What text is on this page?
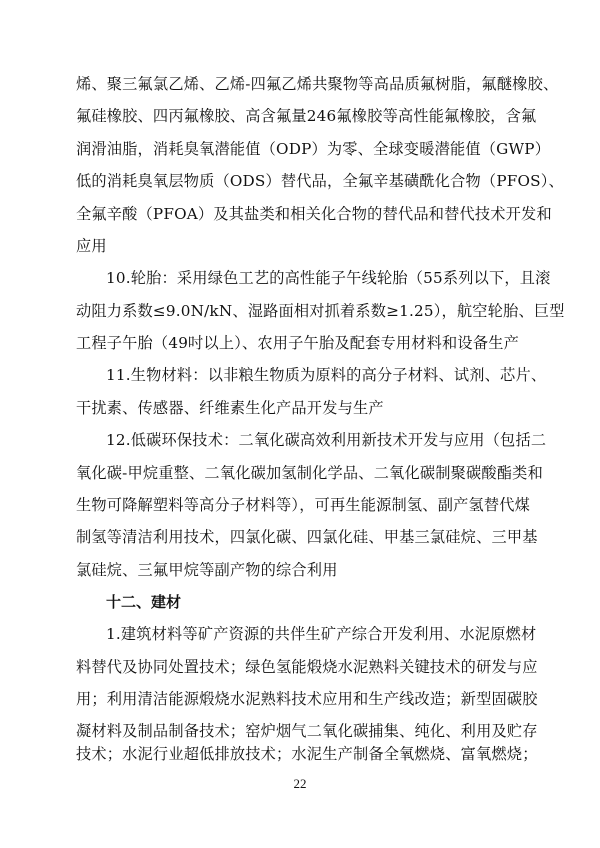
烯、聚三氟氯乙烯、乙烯-四氟乙烯共聚物等高品质氟树脂，氟醚橡胶、
氟硅橡胶、四丙氟橡胶、高含氟量246氟橡胶等高性能氟橡胶，含氟
润滑油脂，消耗臭氧潜能值（ODP）为零、全球变暖潜能值（GWP）
低的消耗臭氧层物质（ODS）替代品，全氟辛基磺酰化合物（PFOS）、
全氟辛酸（PFOA）及其盐类和相关化合物的替代品和替代技术开发和
应用
10.轮胎：采用绿色工艺的高性能子午线轮胎（55系列以下，且滚
动阻力系数≤9.0N/kN、湿路面相对抓着系数≥1.25），航空轮胎、巨型
工程子午胎（49吋以上）、农用子午胎及配套专用材料和设备生产
11.生物材料：以非粮生物质为原料的高分子材料、试剂、芯片、
干扰素、传感器、纤维素生化产品开发与生产
12.低碳环保技术：二氧化碳高效利用新技术开发与应用（包括二
氧化碳-甲烷重整、二氧化碳加氢制化学品、二氧化碳制聚碳酸酯类和
生物可降解塑料等高分子材料等），可再生能源制氢、副产氢替代煤
制氢等清洁利用技术，四氯化碳、四氯化硅、甲基三氯硅烷、三甲基
氯硅烷、三氟甲烷等副产物的综合利用
十二、建材
1.建筑材料等矿产资源的共伴生矿产综合开发利用、水泥原燃材
料替代及协同处置技术；绿色氢能煅烧水泥熟料关键技术的研发与应
用；利用清洁能源煅烧水泥熟料技术应用和生产线改造；新型固碳胶
凝材料及制品制备技术；窑炉烟气二氧化碳捕集、纯化、利用及贮存
技术；水泥行业超低排放技术；水泥生产制备全氧燃烧、富氧燃烧；
22
